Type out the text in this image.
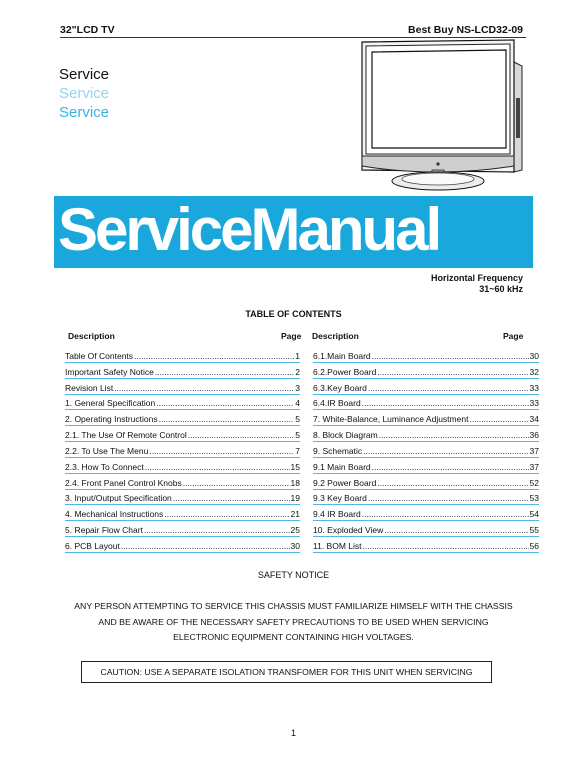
32"LCD TV	Best Buy NS-LCD32-09
Service
Service
Service
ServiceManual
Horizontal Frequency
31~60 kHz
TABLE OF CONTENTS
Description	Page Description	Page
Table Of Contents .....	1
Important Safety Notice .....	2
Revision List .....	3
1. General Specification .....	4
2. Operating Instructions .....	5
2.1. The Use Of Remote Control .....	5
2.2. To Use The Menu .....	7
2.3. How To Connect .....	15
2.4. Front Panel Control Knobs .....	18
3. Input/Output Specification .....	19
4. Mechanical Instructions .....	21
5. Repair Flow Chart .....	25
6. PCB Layout .....	30
6.1.Main Board .....	30
6.2.Power Board .....	32
6.3.Key Board .....	33
6.4.IR Board .....	33
7. White-Balance, Luminance Adjustment .....	34
8. Block Diagram .....	36
9. Schematic .....	37
9.1 Main Board .....	37
9.2 Power Board .....	52
9.3 Key Board .....	53
9.4 IR Board .....	54
10. Exploded View .....	55
11. BOM List .....	56
SAFETY NOTICE
ANY PERSON ATTEMPTING TO SERVICE THIS CHASSIS MUST FAMILIARIZE HIMSELF WITH THE CHASSIS
AND BE AWARE OF THE NECESSARY SAFETY PRECAUTIONS TO BE USED WHEN SERVICING
ELECTRONIC EQUIPMENT CONTAINING HIGH VOLTAGES.
CAUTION: USE A SEPARATE ISOLATION TRANSFOMER FOR THIS UNIT WHEN SERVICING
1
